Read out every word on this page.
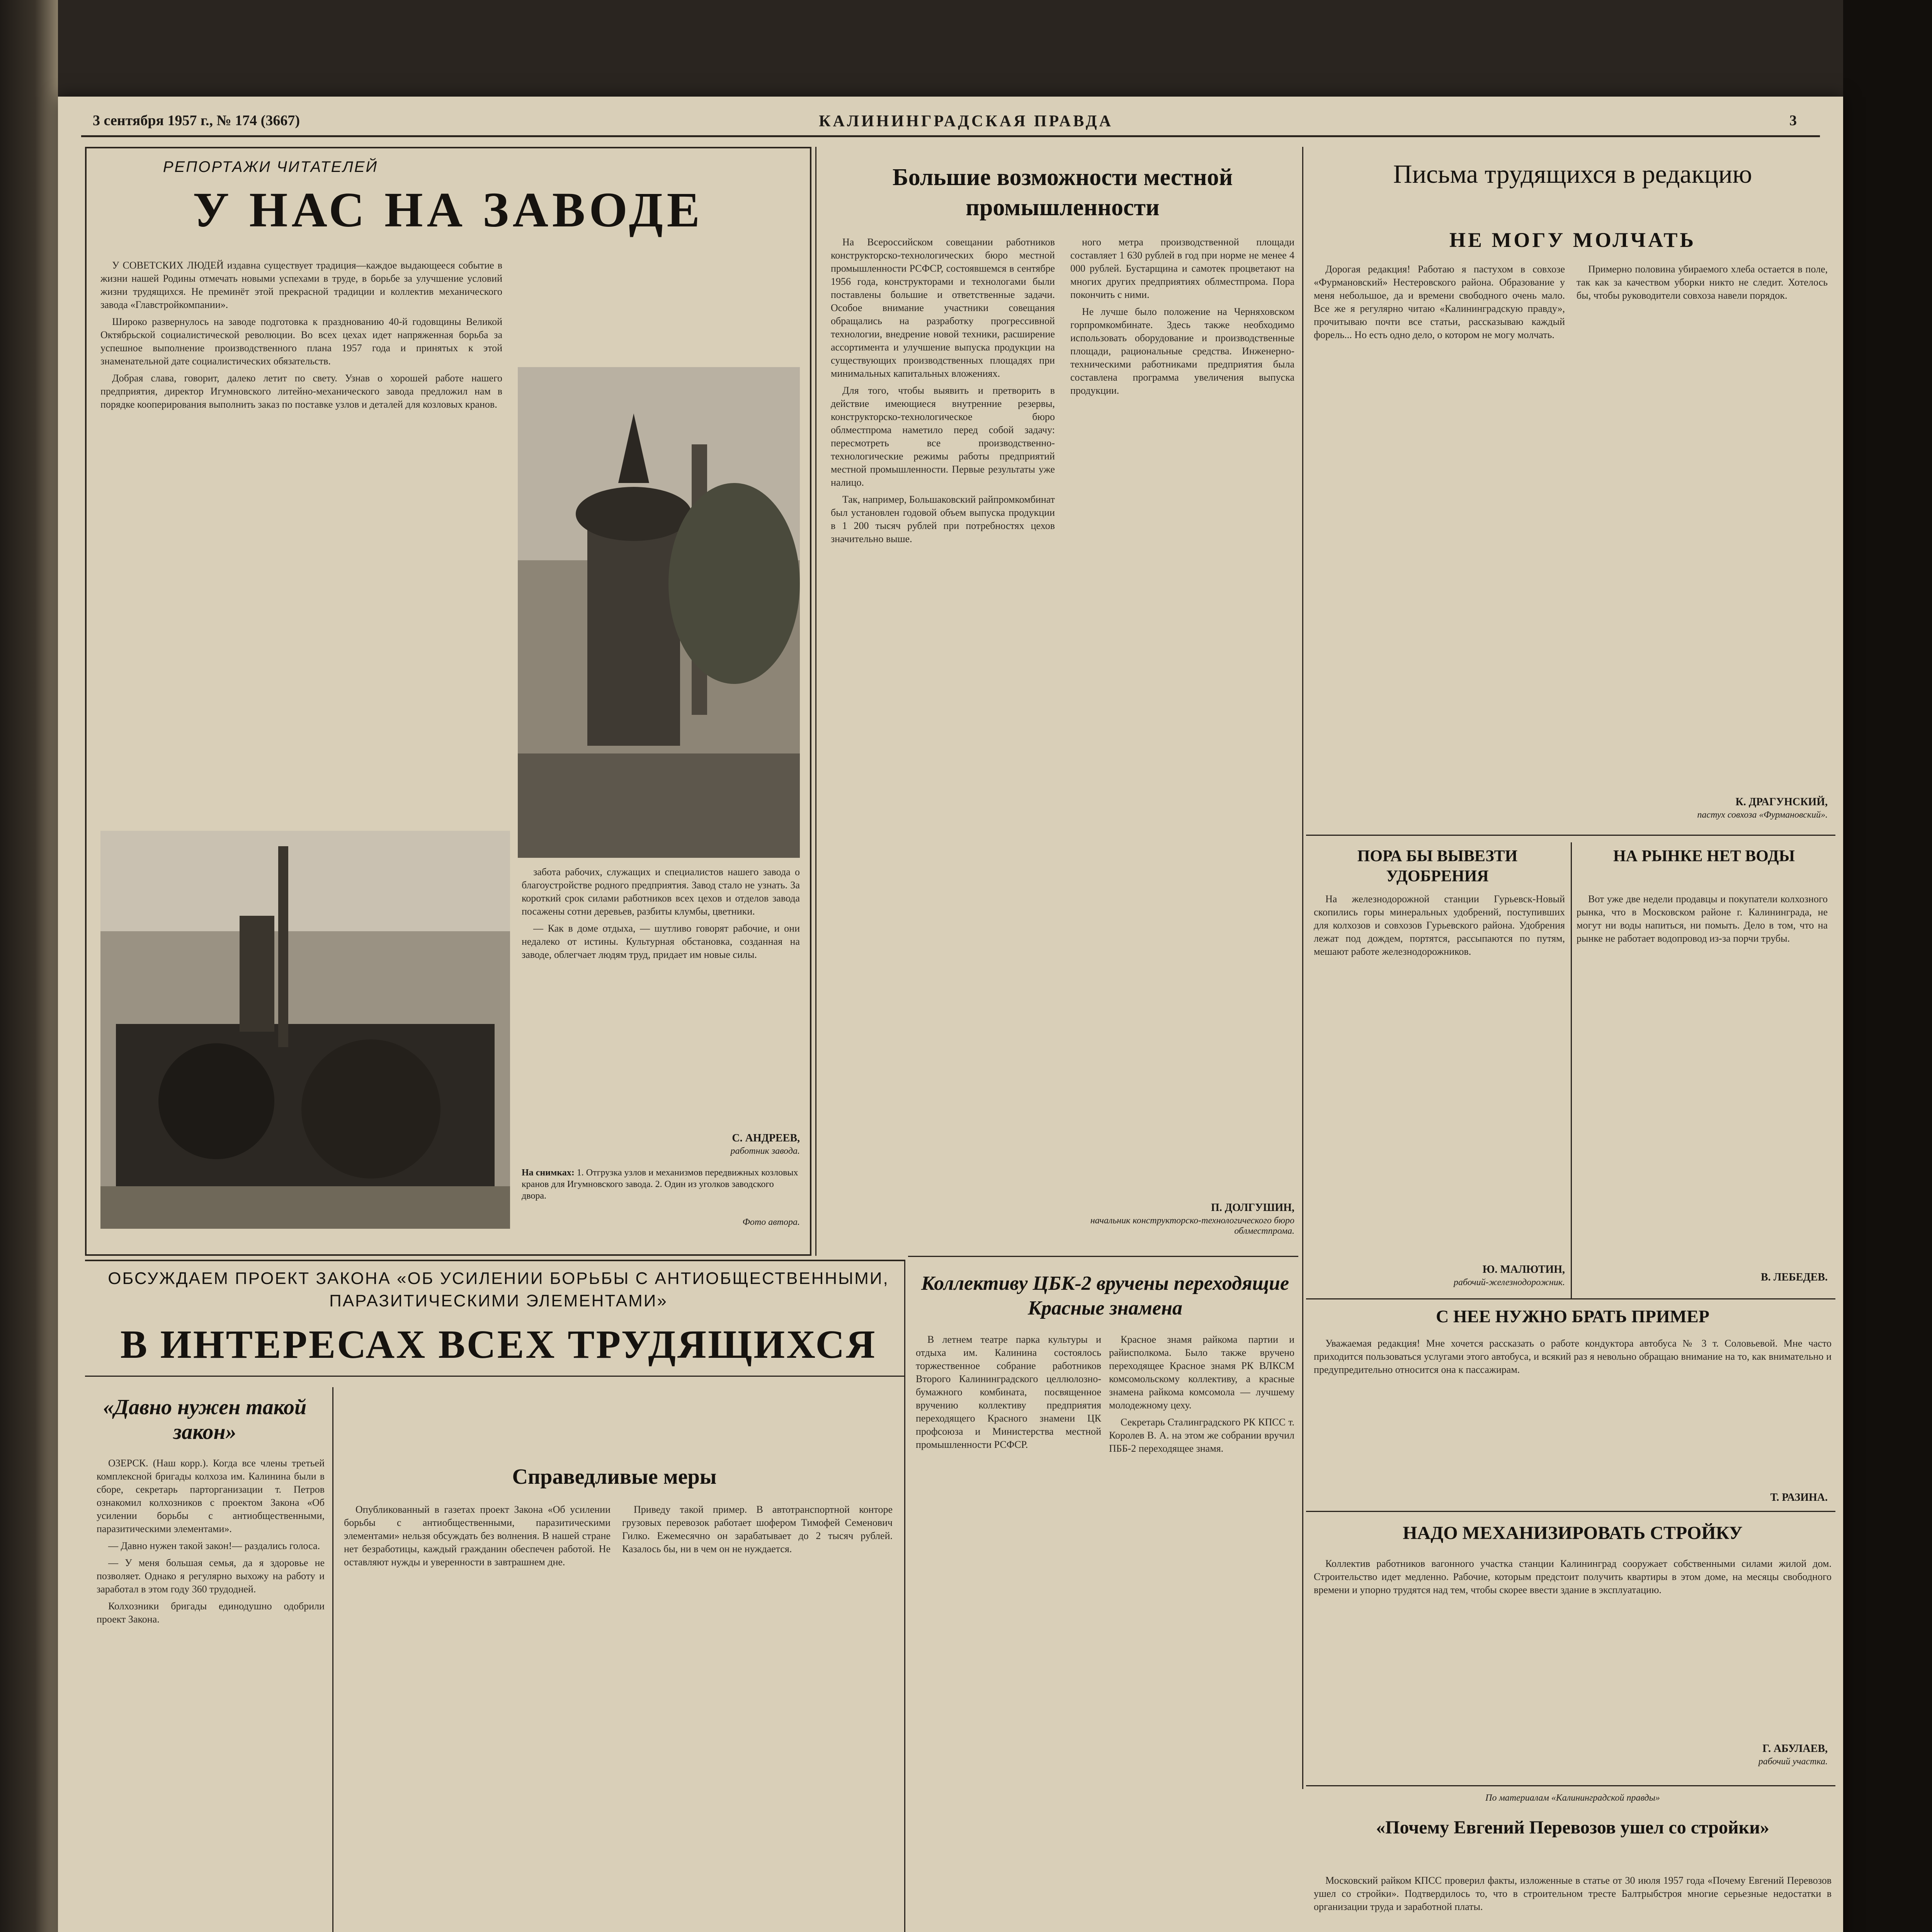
3 сентября 1957 г., № 174 (3667)	КАЛИНИНГРАДСКАЯ ПРАВДА	3
РЕПОРТАЖИ ЧИТАТЕЛЕЙ
У НАС НА ЗАВОДЕ

У СОВЕТСКИХ ЛЮДЕЙ издавна существует традиция—каждое выдающееся событие в жизни нашей Родины отмечать новыми успехами в труде, в борьбе за улучшение условий жизни трудящихся. Не преминёт этой прекрасной традиции и коллектив механического завода «Главстройкомпании».

Широко развернулось на заводе подготовка к празднованию 40-й годовщины Великой Октябрьской социалистической революции. Во всех цехах идет напряженная борьба за успешное выполнение производственного плана 1957 года и принятых к этой знаменательной дате социалистических обязательств.

Добрая слава, говорит, далеко летит по свету. Узнав о хорошей работе нашего предприятия, директор Игумновского литейно-механического завода предложил нам в порядке кооперирования выполнить заказ по поставке узлов и деталей для козловых кранов.

забота рабочих, служащих и специалистов нашего завода о благоустройстве родного предприятия. Завод стало не узнать. За короткий срок силами работников всех цехов и отделов завода посажены сотни деревьев, разбиты клумбы, цветники.

— Как в доме отдыха, — шутливо говорят рабочие, и они недалеко от истины. Культурная обстановка, созданная на заводе, облегчает людям труд, придает им новые силы.

С. АНДРЕЕВ,
работник завода.
На снимках: 1. Отгрузка узлов и механизмов передвижных козловых кранов для Игумновского завода. 2. Один из уголков заводского двора.
Фото автора.
ОБСУЖДАЕМ ПРОЕКТ ЗАКОНА «ОБ УСИЛЕНИИ БОРЬБЫ С АНТИОБЩЕСТВЕННЫМИ, ПАРАЗИТИЧЕСКИМИ ЭЛЕМЕНТАМИ»
В ИНТЕРЕСАХ ВСЕХ ТРУДЯЩИХСЯ
«Давно нужен такой закон»

ОЗЕРСК. (Наш корр.). Когда все члены третьей комплексной бригады колхоза им. Калинина были в сборе, секретарь парторганизации т. Петров ознакомил колхозников с проектом Закона «Об усилении борьбы с антиобщественными, паразитическими элементами».

— Давно нужен такой закон!— раздались голоса.

— У меня большая семья, да я здоровье не позволяет. Однако я регулярно выхожу на работу и заработал в этом году 360 трудодней.

Колхозники бригады единодушно одобрили проект Закона.

Справедливые меры

Опубликованный в газетах проект Закона «Об усилении борьбы с антиобщественными, паразитическими элементами» нельзя обсуждать без волнения. В нашей стране нет безработицы, каждый гражданин обеспечен работой. Не оставляют нужды и уверенности в завтрашнем дне.

Приведу такой пример. В автотранспортной конторе грузовых перевозок работает шофером Тимофей Семенович Гилко. Ежемесячно он зарабатывает до 2 тысяч рублей. Казалось бы, ни в чем он не нуждается.

Большие возможности местной промышленности

На Всероссийском совещании работников конструкторско-технологических бюро местной промышленности РСФСР, состоявшемся в сентябре 1956 года, конструкторами и технологами были поставлены большие и ответственные задачи. Особое внимание участники совещания обращались на разработку прогрессивной технологии, внедрение новой техники, расширение ассортимента и улучшение выпуска продукции на существующих производственных площадях при минимальных капитальных вложениях.

Для того, чтобы выявить и претворить в действие имеющиеся внутренние резервы, конструкторско-технологическое бюро облместпрома наметило перед собой задачу: пересмотреть все производственно-технологические режимы работы предприятий местной промышленности. Первые результаты уже налицо.

Так, например, Большаковский райпромкомбинат был установлен годовой объем выпуска продукции в 1 200 тысяч рублей при потребностях цехов значительно выше.

ного метра производственной площади составляет 1 630 рублей в год при норме не менее 4 000 рублей. Бустарщина и самотек процветают на многих других предприятиях облместпрома. Пора покончить с ними.

Не лучше было положение на Черняховском горпромкомбинате. Здесь также необходимо использовать оборудование и производственные площади, рациональные средства. Инженерно-техническими работниками предприятия была составлена программа увеличения выпуска продукции.

П. ДОЛГУШИН,
начальник конструкторско-технологического бюро облместпрома.
Коллективу ЦБК-2 вручены переходящие Красные знамена

В летнем театре парка культуры и отдыха им. Калинина состоялось торжественное собрание работников Второго Калининградского целлюлозно-бумажного комбината, посвященное вручению коллективу предприятия переходящего Красного знамени ЦК профсоюза и Министерства местной промышленности РСФСР.

Красное знамя райкома партии и райисполкома. Было также вручено переходящее Красное знамя РК ВЛКСМ комсомольскому коллективу, а красные знамена райкома комсомола — лучшему молодежному цеху.

Секретарь Сталинградского РК КПСС т. Королев В. А. на этом же собрании вручил ПББ-2 переходящее знамя.

Письма трудящихся в редакцию
НЕ МОГУ МОЛЧАТЬ

Дорогая редакция! Работаю я пастухом в совхозе «Фурмановский» Нестеровского района. Образование у меня небольшое, да и времени свободного очень мало. Все же я регулярно читаю «Калининградскую правду», прочитываю почти все статьи, рассказываю каждый форель... Но есть одно дело, о котором не могу молчать.

Примерно половина убираемого хлеба остается в поле, так как за качеством уборки никто не следит. Хотелось бы, чтобы руководители совхоза навели порядок.

К. ДРАГУНСКИЙ,
пастух совхоза «Фурмановский».
ПОРА БЫ ВЫВЕЗТИ УДОБРЕНИЯ

На железнодорожной станции Гурьевск-Новый скопились горы минеральных удобрений, поступивших для колхозов и совхозов Гурьевского района. Удобрения лежат под дождем, портятся, рассыпаются по путям, мешают работе железнодорожников.

Ю. МАЛЮТИН,
рабочий-железнодорожник.
НА РЫНКЕ НЕТ ВОДЫ

Вот уже две недели продавцы и покупатели колхозного рынка, что в Московском районе г. Калининграда, не могут ни воды напиться, ни помыть. Дело в том, что на рынке не работает водопровод из-за порчи трубы.

В. ЛЕБЕДЕВ.
С НЕЕ НУЖНО БРАТЬ ПРИМЕР

Уважаемая редакция! Мне хочется рассказать о работе кондуктора автобуса № 3 т. Соловьевой. Мне часто приходится пользоваться услугами этого автобуса, и всякий раз я невольно обращаю внимание на то, как внимательно и предупредительно относится она к пассажирам.

Т. РАЗИНА.
НАДО МЕХАНИЗИРОВАТЬ СТРОЙКУ

Коллектив работников вагонного участка станции Калининград сооружает собственными силами жилой дом. Строительство идет медленно. Рабочие, которым предстоит получить квартиры в этом доме, на месяцы свободного времени и упорно трудятся над тем, чтобы скорее ввести здание в эксплуатацию.

Г. АБУЛАЕВ,
рабочий участка.
По материалам «Калининградской правды»
«Почему Евгений Перевозов ушел со стройки»

Московский райком КПСС проверил факты, изложенные в статье от 30 июля 1957 года «Почему Евгений Перевозов ушел со стройки». Подтвердилось то, что в строительном тресте Балтрыбстроя многие серьезные недостатки в организации труда и заработной платы.
